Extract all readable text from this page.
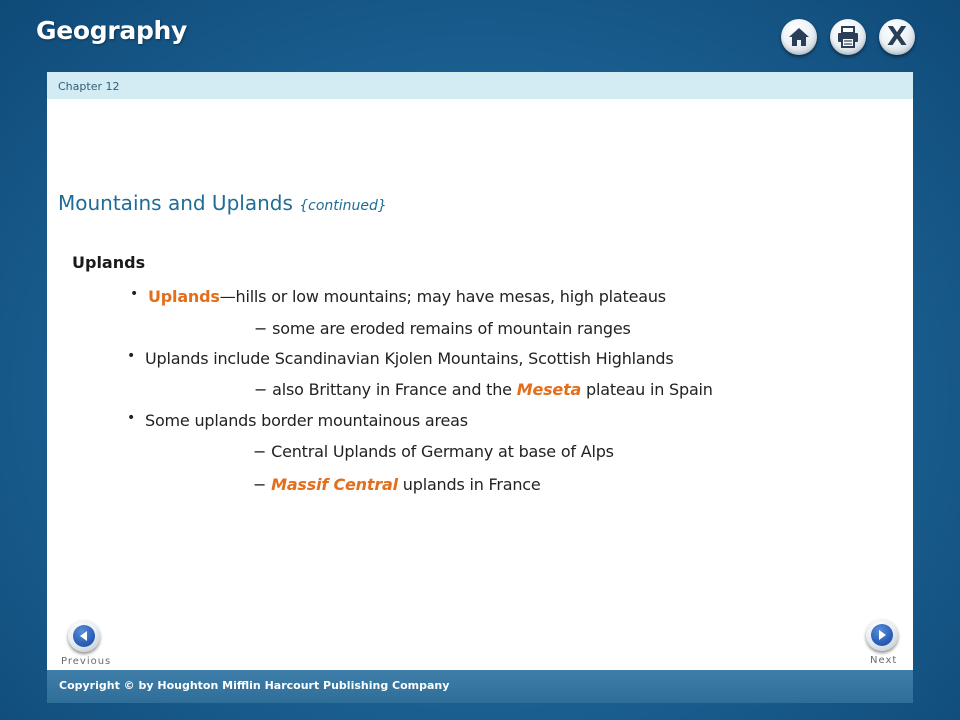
Geography	X
Chapter 12
Mountains and Uplands {continued}
Uplands
• Uplands—hills or low mountains; may have mesas, high plateaus
− some are eroded remains of mountain ranges
• Uplands include Scandinavian Kjolen Mountains, Scottish Highlands
− also Brittany in France and the Meseta plateau in Spain
• Some uplands border mountainous areas
− Central Uplands of Germany at base of Alps
− Massif Central uplands in France
Previous	Next
Copyright © by Houghton Mifflin Harcourt Publishing Company
